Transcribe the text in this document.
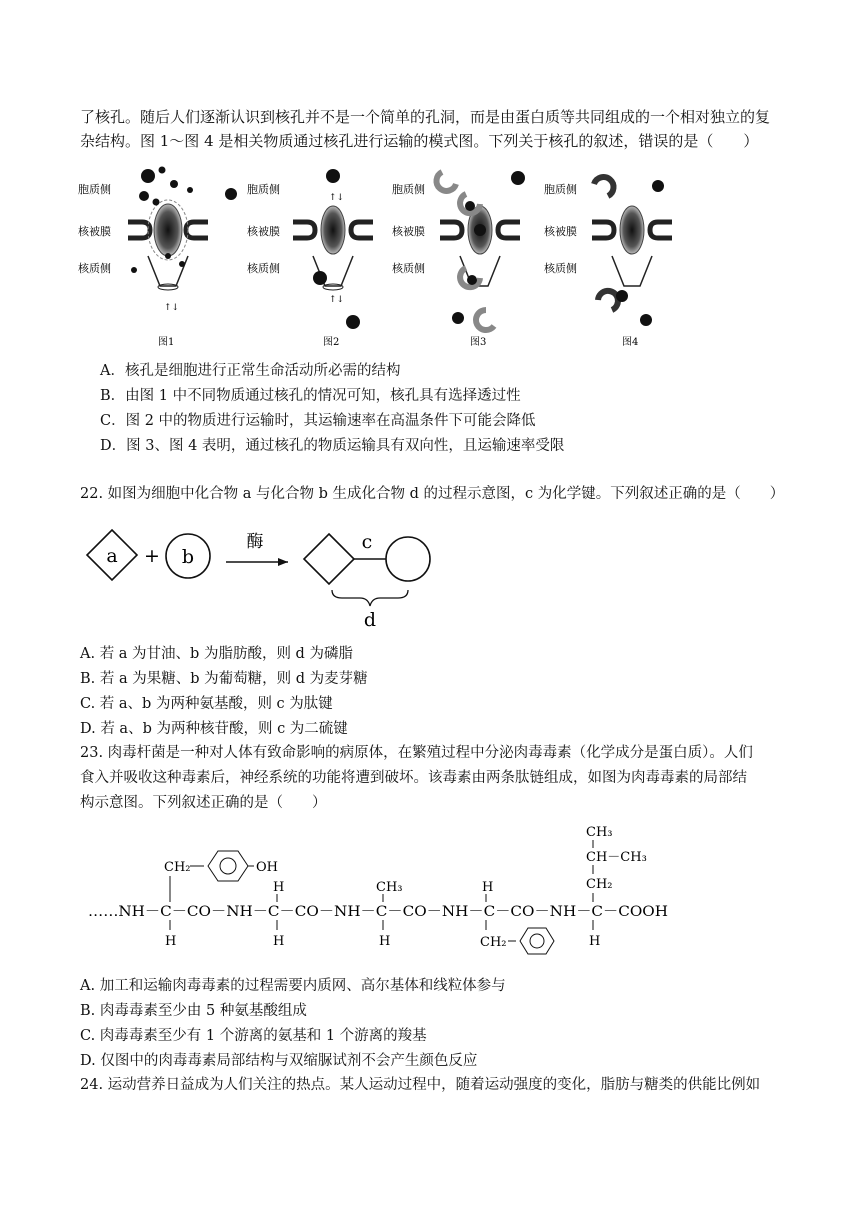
了核孔。随后人们逐渐认识到核孔并不是一个简单的孔洞，而是由蛋白质等共同组成的一个相对独立的复
杂结构。图 1～图 4 是相关物质通过核孔进行运输的模式图。下列关于核孔的叙述，错误的是（　　）
胞质侧
核被膜
核质侧
↑↓
图1
胞质侧
核被膜
核质侧
↑↓
↑↓
图2
胞质侧
核被膜
核质侧
图3
胞质侧
核被膜
核质侧
图4
A．核孔是细胞进行正常生命活动所必需的结构
B．由图 1 中不同物质通过核孔的情况可知，核孔具有选择透过性
C．图 2 中的物质进行运输时，其运输速率在高温条件下可能会降低
D．图 3、图 4 表明，通过核孔的物质运输具有双向性，且运输速率受限
22. 如图为细胞中化合物 a 与化合物 b 生成化合物 d 的过程示意图，c 为化学键。下列叙述正确的是（　　）
a + b
酶	c
d
A. 若 a 为甘油、b 为脂肪酸，则 d 为磷脂
B. 若 a 为果糖、b 为葡萄糖，则 d 为麦芽糖
C. 若 a、b 为两种氨基酸，则 c 为肽键
D. 若 a、b 为两种核苷酸，则 c 为二硫键
23. 肉毒杆菌是一种对人体有致命影响的病原体，在繁殖过程中分泌肉毒毒素（化学成分是蛋白质）。人们
食入并吸收这种毒素后，神经系统的功能将遭到破坏。该毒素由两条肽链组成，如图为肉毒毒素的局部结
构示意图。下列叙述正确的是（　　）
……NH－C－CO－NH－C－CO－NH－C－CO－NH－C－CO－NH－C－COOH
CH₂	OH
H
H
H
CH₃
H
H
CH₂
CH₃
CH－CH₃
CH₂
H
A. 加工和运输肉毒毒素的过程需要内质网、高尔基体和线粒体参与
B. 肉毒毒素至少由 5 种氨基酸组成
C. 肉毒毒素至少有 1 个游离的氨基和 1 个游离的羧基
D. 仅图中的肉毒毒素局部结构与双缩脲试剂不会产生颜色反应
24. 运动营养日益成为人们关注的热点。某人运动过程中，随着运动强度的变化，脂肪与糖类的供能比例如
